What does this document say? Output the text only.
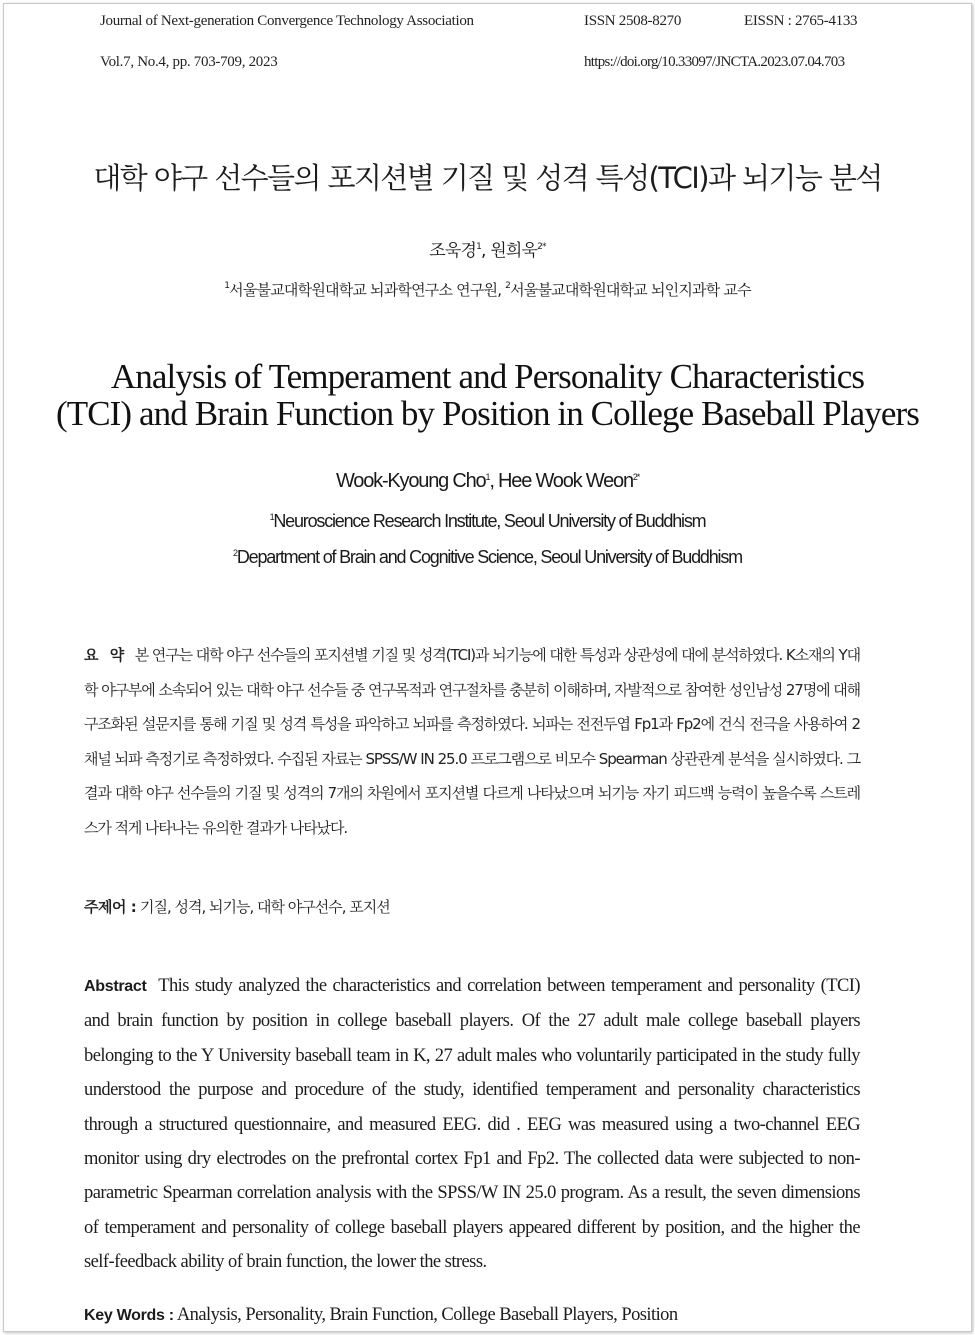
Journal of Next-generation Convergence Technology Association	ISSN 2508-8270	EISSN : 2765-4133
Vol.7, No.4, pp. 703-709, 2023	https://doi.org/10.33097/JNCTA.2023.07.04.703
대학 야구 선수들의 포지션별 기질 및 성격 특성(TCI)과 뇌기능 분석
조욱경$^1$, 원희욱$^{2*}$
$^1$서울불교대학원대학교 뇌과학연구소 연구원, $^2$서울불교대학원대학교 뇌인지과학 교수
Analysis of Temperament and Personality Characteristics
(TCI) and Brain Function by Position in College Baseball Players
Wook-Kyoung Cho$^1$, Hee Wook Weon$^{2*}$
$^1$Neuroscience Research Institute, Seoul University of Buddhism
$^2$Department of Brain and Cognitive Science, Seoul University of Buddhism
요 약 본 연구는 대학 야구 선수들의 포지션별 기질 및 성격(TCI)과 뇌기능에 대한 특성과 상관성에 대에 분석하였다. K소재의 Y대학 야구부에 소속되어 있는 대학 야구 선수들 중 연구목적과 연구절차를 충분히 이해하며, 자발적으로 참여한 성인남성 27명에 대해 구조화된 설문지를 통해 기질 및 성격 특성을 파악하고 뇌파를 측정하였다. 뇌파는 전전두엽 Fp1과 Fp2에 건식 전극을 사용하여 2 채널 뇌파 측정기로 측정하였다. 수집된 자료는 SPSS/W IN 25.0 프로그램으로 비모수 Spearman 상관관계 분석을 실시하였다. 그 결과 대학 야구 선수들의 기질 및 성격의 7개의 차원에서 포지션별 다르게 나타났으며 뇌기능 자기 피드백 능력이 높을수록 스트레스가 적게 나타나는 유의한 결과가 나타났다.
주제어 : 기질, 성격, 뇌기능, 대학 야구선수, 포지션
Abstract This study analyzed the characteristics and correlation between temperament and personality (TCI) and brain function by position in college baseball players. Of the 27 adult male college baseball players belonging to the Y University baseball team in K, 27 adult males who voluntarily participated in the study fully understood the purpose and procedure of the study, identified temperament and personality characteristics through a structured questionnaire, and measured EEG. did . EEG was measured using a two-channel EEG monitor using dry electrodes on the prefrontal cortex Fp1 and Fp2. The collected data were subjected to non-parametric Spearman correlation analysis with the SPSS/W IN 25.0 program. As a result, the seven dimensions of temperament and personality of college baseball players appeared different by position, and the higher the self-feedback ability of brain function, the lower the stress.
Key Words : Analysis, Personality, Brain Function, College Baseball Players, Position
